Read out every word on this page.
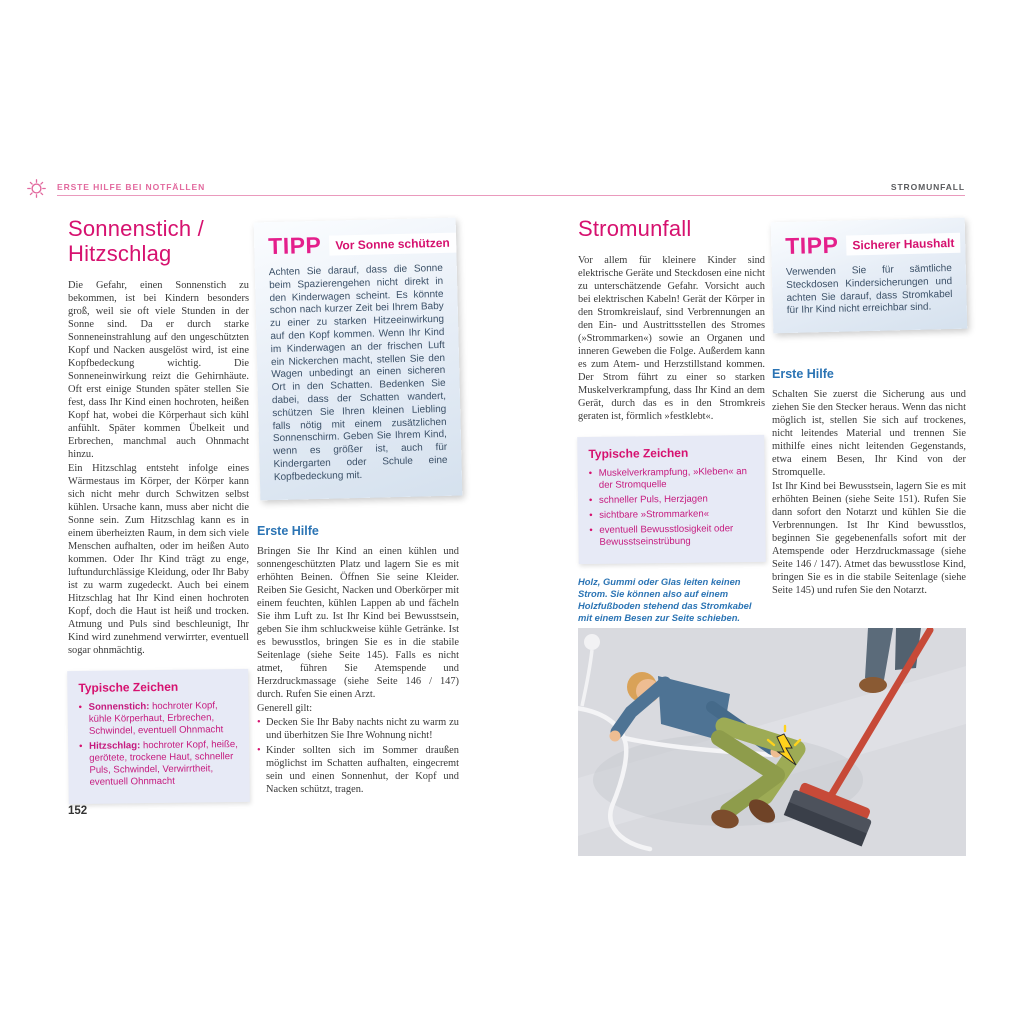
ERSTE HILFE BEI NOTFÄLLEN	STROMUNFALL
Sonnenstich / Hitzschlag

Die Gefahr, einen Sonnenstich zu bekommen, ist bei Kindern besonders groß, weil sie oft viele Stunden in der Sonne sind. Da er durch starke Sonneneinstrahlung auf den ungeschützten Kopf und Nacken ausgelöst wird, ist eine Kopfbedeckung wichtig. Die Sonneneinwirkung reizt die Gehirnhäute. Oft erst einige Stunden später stellen Sie fest, dass Ihr Kind einen hochroten, heißen Kopf hat, wobei die Körperhaut sich kühl anfühlt. Später kommen Übelkeit und Erbrechen, manchmal auch Ohnmacht hinzu.

Ein Hitzschlag entsteht infolge eines Wärmestaus im Körper, der Körper kann sich nicht mehr durch Schwitzen selbst kühlen. Ursache kann, muss aber nicht die Sonne sein. Zum Hitzschlag kann es in einem überheizten Raum, in dem sich viele Menschen aufhalten, oder im heißen Auto kommen. Oder Ihr Kind trägt zu enge, luftundurchlässige Kleidung, oder Ihr Baby ist zu warm zugedeckt. Auch bei einem Hitzschlag hat Ihr Kind einen hochroten Kopf, doch die Haut ist heiß und trocken. Atmung und Puls sind beschleunigt, Ihr Kind wird zunehmend verwirrter, eventuell sogar ohnmächtig.

Typische Zeichen
• Sonnenstich: hochroter Kopf, kühle Körperhaut, Erbrechen, Schwindel, eventuell Ohnmacht
• Hitzschlag: hochroter Kopf, heiße, gerötete, trockene Haut, schneller Puls, Schwindel, Verwirrtheit, eventuell Ohnmacht
TIPP	Vor Sonne schützen
Achten Sie darauf, dass die Sonne beim Spazierengehen nicht direkt in den Kinderwagen scheint. Es könnte schon nach kurzer Zeit bei Ihrem Baby zu einer zu starken Hitzeeinwirkung auf den Kopf kommen. Wenn Ihr Kind im Kinderwagen an der frischen Luft ein Nickerchen macht, stellen Sie den Wagen unbedingt an einen sicheren Ort in den Schatten. Bedenken Sie dabei, dass der Schatten wandert, schützen Sie Ihren kleinen Liebling falls nötig mit einem zusätzlichen Sonnenschirm. Geben Sie Ihrem Kind, wenn es größer ist, auch für Kindergarten oder Schule eine Kopfbedeckung mit.
Erste Hilfe

Bringen Sie Ihr Kind an einen kühlen und sonnengeschützten Platz und lagern Sie es mit erhöhten Beinen. Öffnen Sie seine Kleider. Reiben Sie Gesicht, Nacken und Oberkörper mit einem feuchten, kühlen Lappen ab und fächeln Sie ihm Luft zu. Ist Ihr Kind bei Bewusstsein, geben Sie ihm schluckweise kühle Getränke. Ist es bewusstlos, bringen Sie es in die stabile Seitenlage (siehe Seite 145). Falls es nicht atmet, führen Sie Atemspende und Herzdruckmassage (siehe Seite 146 / 147) durch. Rufen Sie einen Arzt.

Generell gilt:

• Decken Sie Ihr Baby nachts nicht zu warm zu und überhitzen Sie Ihre Wohnung nicht!
• Kinder sollten sich im Sommer draußen möglichst im Schatten aufhalten, eingecremt sein und einen Sonnenhut, der Kopf und Nacken schützt, tragen.
Stromunfall

Vor allem für kleinere Kinder sind elektrische Geräte und Steckdosen eine nicht zu unterschätzende Gefahr. Vorsicht auch bei elektrischen Kabeln! Gerät der Körper in den Stromkreislauf, sind Verbrennungen an den Ein- und Austrittsstellen des Stromes (»Strommarken«) sowie an Organen und inneren Geweben die Folge. Außerdem kann es zum Atem- und Herzstillstand kommen. Der Strom führt zu einer so starken Muskelverkrampfung, dass Ihr Kind an dem Gerät, durch das es in den Stromkreis geraten ist, förmlich »festklebt«.

Typische Zeichen
• Muskelverkrampfung, »Kleben« an der Stromquelle
• schneller Puls, Herzjagen
• sichtbare »Strommarken«
• eventuell Bewusstlosigkeit oder Bewusstseinstrübung

Holz, Gummi oder Glas leiten keinen Strom. Sie können also auf einem Holzfußboden stehend das Stromkabel mit einem Besen zur Seite schieben.

TIPP	Sicherer Haushalt
Verwenden Sie für sämtliche Steckdosen Kindersicherungen und achten Sie darauf, dass Stromkabel für Ihr Kind nicht erreichbar sind.
Erste Hilfe

Schalten Sie zuerst die Sicherung aus und ziehen Sie den Stecker heraus. Wenn das nicht möglich ist, stellen Sie sich auf trockenes, nicht leitendes Material und trennen Sie mithilfe eines nicht leitenden Gegenstands, etwa einem Besen, Ihr Kind von der Stromquelle.

Ist Ihr Kind bei Bewusstsein, lagern Sie es mit erhöhten Beinen (siehe Seite 151). Rufen Sie dann sofort den Notarzt und kühlen Sie die Verbrennungen. Ist Ihr Kind bewusstlos, beginnen Sie gegebenenfalls sofort mit der Atemspende oder Herzdruckmassage (siehe Seite 146 / 147). Atmet das bewusstlose Kind, bringen Sie es in die stabile Seitenlage (siehe Seite 145) und rufen Sie den Notarzt.

152
